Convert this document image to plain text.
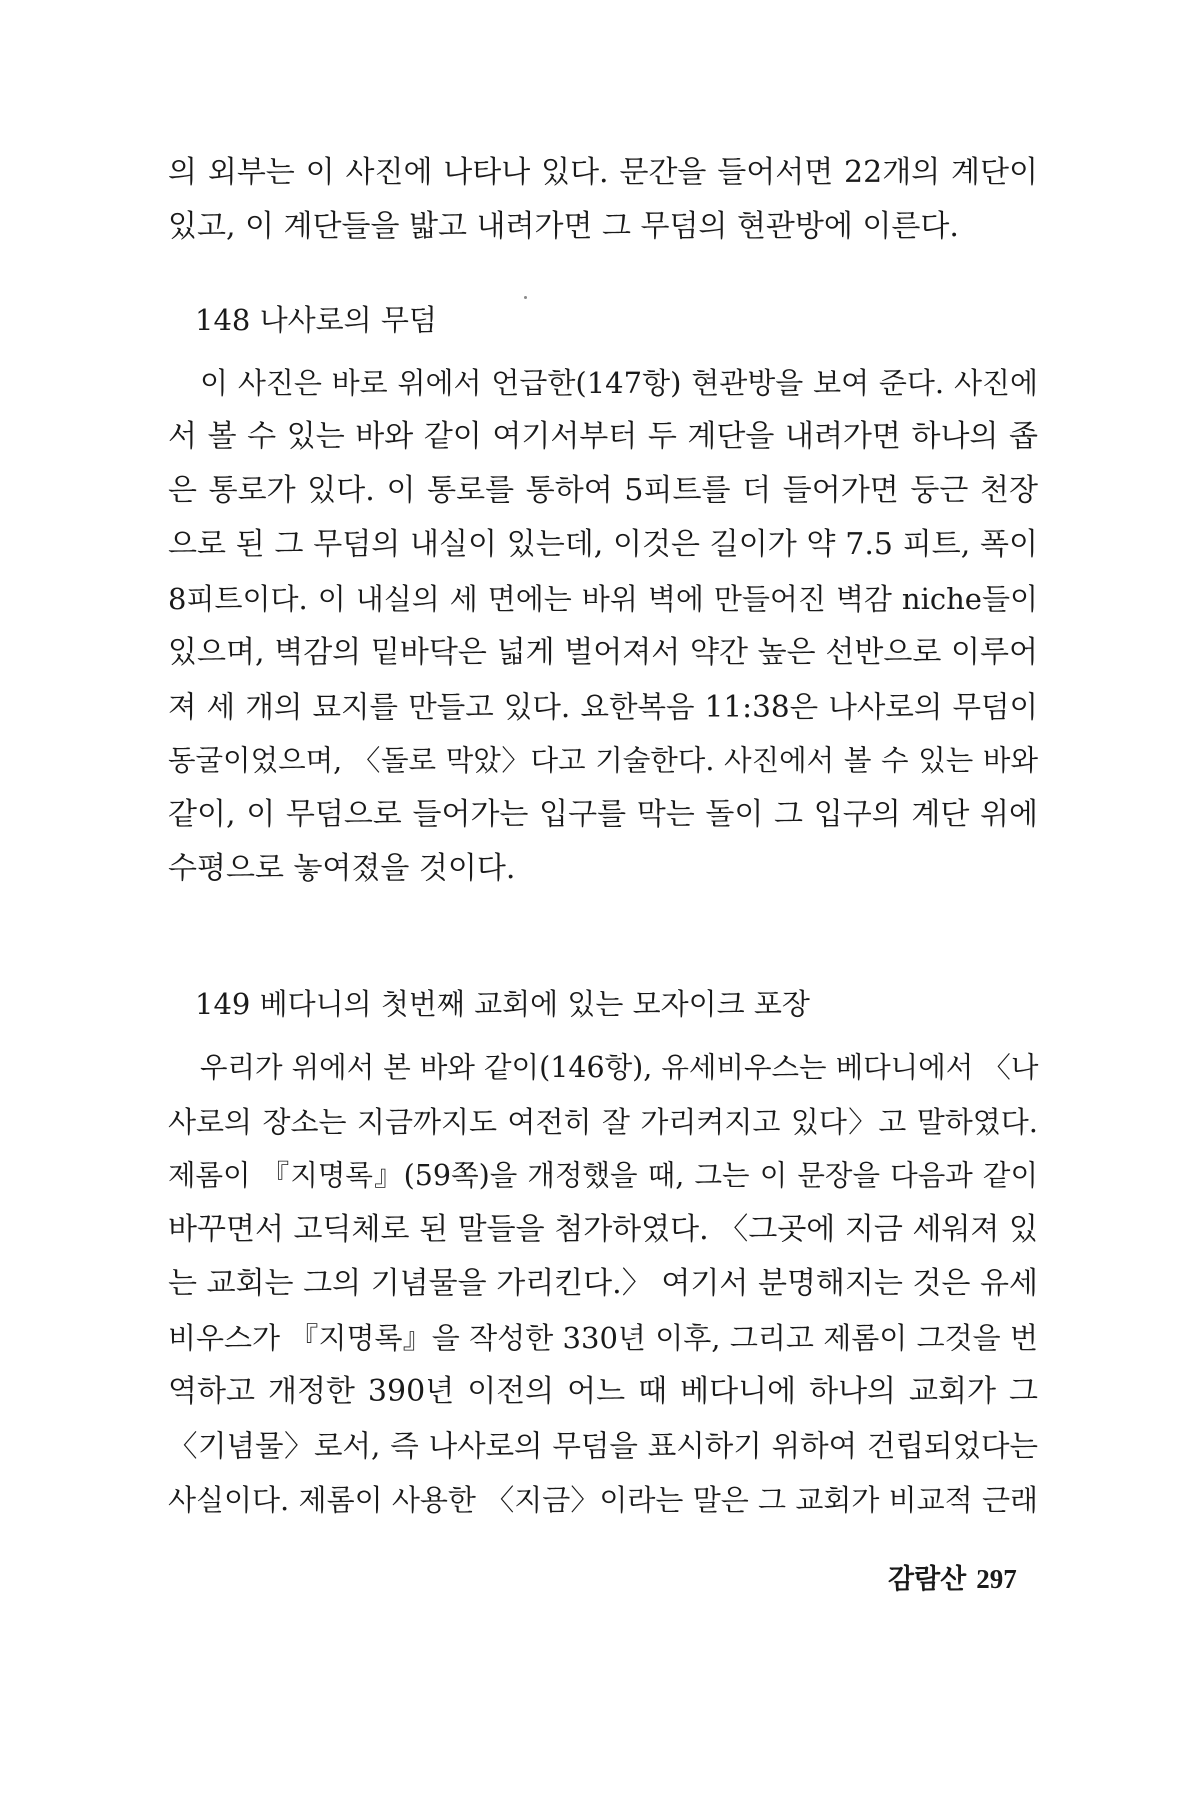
의 외부는 이 사진에 나타나 있다. 문간을 들어서면 22개의 계단이
있고, 이 계단들을 밟고 내려가면 그 무덤의 현관방에 이른다.
148 나사로의 무덤
이 사진은 바로 위에서 언급한(147항) 현관방을 보여 준다. 사진에
서 볼 수 있는 바와 같이 여기서부터 두 계단을 내려가면 하나의 좁
은 통로가 있다. 이 통로를 통하여 5피트를 더 들어가면 둥근 천장
으로 된 그 무덤의 내실이 있는데, 이것은 길이가 약 7.5 피트, 폭이
8피트이다. 이 내실의 세 면에는 바위 벽에 만들어진 벽감 niche들이
있으며, 벽감의 밑바닥은 넓게 벌어져서 약간 높은 선반으로 이루어
져 세 개의 묘지를 만들고 있다. 요한복음 11:38은 나사로의 무덤이
동굴이었으며, 〈돌로 막았〉다고 기술한다. 사진에서 볼 수 있는 바와
같이, 이 무덤으로 들어가는 입구를 막는 돌이 그 입구의 계단 위에
수평으로 놓여졌을 것이다.
149 베다니의 첫번째 교회에 있는 모자이크 포장
우리가 위에서 본 바와 같이(146항), 유세비우스는 베다니에서 〈나
사로의 장소는 지금까지도 여전히 잘 가리켜지고 있다〉고 말하였다.
제롬이 『지명록』(59쪽)을 개정했을 때, 그는 이 문장을 다음과 같이
바꾸면서 고딕체로 된 말들을 첨가하였다. 〈그곳에 지금 세워져 있
는 교회는 그의 기념물을 가리킨다.〉 여기서 분명해지는 것은 유세
비우스가 『지명록』을 작성한 330년 이후, 그리고 제롬이 그것을 번
역하고 개정한 390년 이전의 어느 때 베다니에 하나의 교회가 그
〈기념물〉로서, 즉 나사로의 무덤을 표시하기 위하여 건립되었다는
사실이다. 제롬이 사용한 〈지금〉이라는 말은 그 교회가 비교적 근래
감람산 297
